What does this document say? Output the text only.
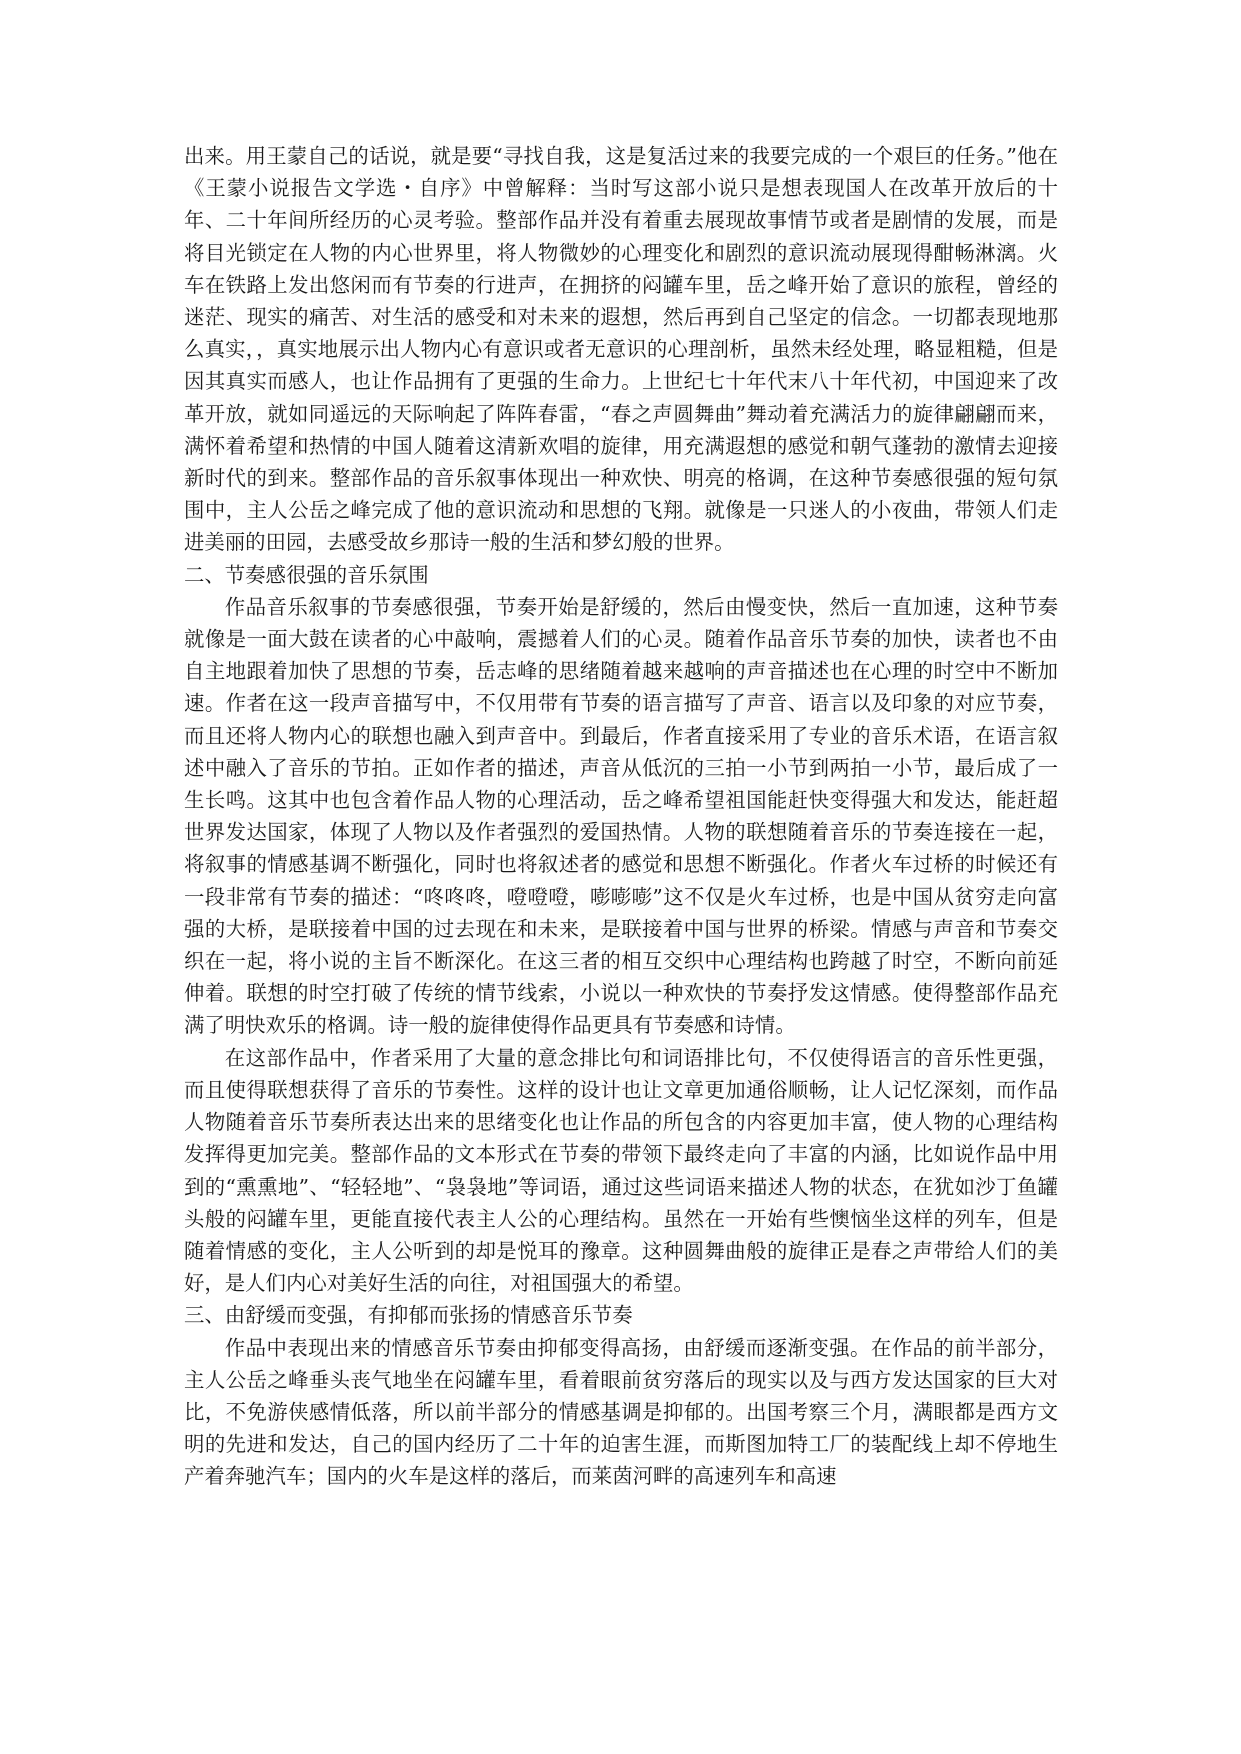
出来。用王蒙自己的话说，就是要“寻找自我，这是复活过来的我要完成的一个艰巨的任务。”他在《王蒙小说报告文学选・自序》中曾解释：当时写这部小说只是想表现国人在改革开放后的十年、二十年间所经历的心灵考验。整部作品并没有着重去展现故事情节或者是剧情的发展，而是将目光锁定在人物的内心世界里，将人物微妙的心理变化和剧烈的意识流动展现得酣畅淋漓。火车在铁路上发出悠闲而有节奏的行进声，在拥挤的闷罐车里，岳之峰开始了意识的旅程，曾经的迷茫、现实的痛苦、对生活的感受和对未来的遐想，然后再到自己坚定的信念。一切都表现地那么真实，，真实地展示出人物内心有意识或者无意识的心理剖析，虽然未经处理，略显粗糙，但是因其真实而感人，也让作品拥有了更强的生命力。上世纪七十年代末八十年代初，中国迎来了改革开放，就如同遥远的天际响起了阵阵春雷，“春之声圆舞曲”舞动着充满活力的旋律翩翩而来，满怀着希望和热情的中国人随着这清新欢唱的旋律，用充满遐想的感觉和朝气蓬勃的激情去迎接新时代的到来。整部作品的音乐叙事体现出一种欢快、明亮的格调，在这种节奏感很强的短句氛围中，主人公岳之峰完成了他的意识流动和思想的飞翔。就像是一只迷人的小夜曲，带领人们走进美丽的田园，去感受故乡那诗一般的生活和梦幻般的世界。

二、节奏感很强的音乐氛围

作品音乐叙事的节奏感很强，节奏开始是舒缓的，然后由慢变快，然后一直加速，这种节奏就像是一面大鼓在读者的心中敲响，震撼着人们的心灵。随着作品音乐节奏的加快，读者也不由自主地跟着加快了思想的节奏，岳志峰的思绪随着越来越响的声音描述也在心理的时空中不断加速。作者在这一段声音描写中，不仅用带有节奏的语言描写了声音、语言以及印象的对应节奏，而且还将人物内心的联想也融入到声音中。到最后，作者直接采用了专业的音乐术语，在语言叙述中融入了音乐的节拍。正如作者的描述，声音从低沉的三拍一小节到两拍一小节，最后成了一生长鸣。这其中也包含着作品人物的心理活动，岳之峰希望祖国能赶快变得强大和发达，能赶超世界发达国家，体现了人物以及作者强烈的爱国热情。人物的联想随着音乐的节奏连接在一起，将叙事的情感基调不断强化，同时也将叙述者的感觉和思想不断强化。作者火车过桥的时候还有一段非常有节奏的描述：“咚咚咚，噔噔噔，嘭嘭嘭”这不仅是火车过桥，也是中国从贫穷走向富强的大桥，是联接着中国的过去现在和未来，是联接着中国与世界的桥梁。情感与声音和节奏交织在一起，将小说的主旨不断深化。在这三者的相互交织中心理结构也跨越了时空，不断向前延伸着。联想的时空打破了传统的情节线索，小说以一种欢快的节奏抒发这情感。使得整部作品充满了明快欢乐的格调。诗一般的旋律使得作品更具有节奏感和诗情。

在这部作品中，作者采用了大量的意念排比句和词语排比句，不仅使得语言的音乐性更强，而且使得联想获得了音乐的节奏性。这样的设计也让文章更加通俗顺畅，让人记忆深刻，而作品人物随着音乐节奏所表达出来的思绪变化也让作品的所包含的内容更加丰富，使人物的心理结构发挥得更加完美。整部作品的文本形式在节奏的带领下最终走向了丰富的内涵，比如说作品中用到的“熏熏地”、“轻轻地”、“袅袅地”等词语，通过这些词语来描述人物的状态，在犹如沙丁鱼罐头般的闷罐车里，更能直接代表主人公的心理结构。虽然在一开始有些懊恼坐这样的列车，但是随着情感的变化，主人公听到的却是悦耳的豫章。这种圆舞曲般的旋律正是春之声带给人们的美好，是人们内心对美好生活的向往，对祖国强大的希望。

三、由舒缓而变强，有抑郁而张扬的情感音乐节奏

作品中表现出来的情感音乐节奏由抑郁变得高扬，由舒缓而逐渐变强。在作品的前半部分，主人公岳之峰垂头丧气地坐在闷罐车里，看着眼前贫穷落后的现实以及与西方发达国家的巨大对比，不免游侠感情低落，所以前半部分的情感基调是抑郁的。出国考察三个月，满眼都是西方文明的先进和发达，自己的国内经历了二十年的迫害生涯，而斯图加特工厂的装配线上却不停地生产着奔驰汽车；国内的火车是这样的落后，而莱茵河畔的高速列车和高速
